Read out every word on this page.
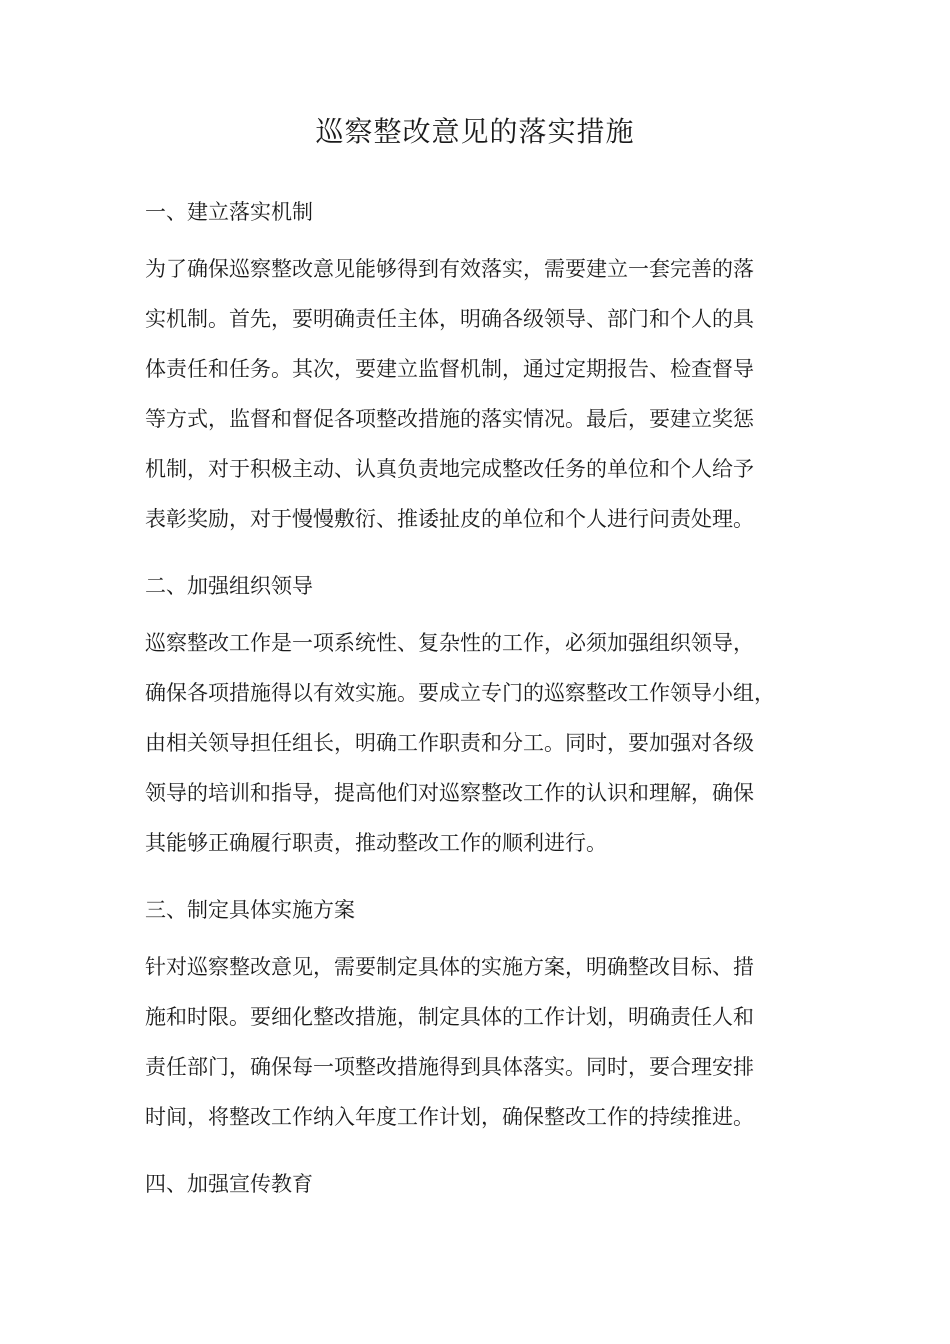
巡察整改意见的落实措施
一、建立落实机制
为了确保巡察整改意见能够得到有效落实，需要建立一套完善的落
实机制。首先，要明确责任主体，明确各级领导、部门和个人的具
体责任和任务。其次，要建立监督机制，通过定期报告、检查督导
等方式，监督和督促各项整改措施的落实情况。最后，要建立奖惩
机制，对于积极主动、认真负责地完成整改任务的单位和个人给予
表彰奖励，对于慢慢敷衍、推诿扯皮的单位和个人进行问责处理。
二、加强组织领导
巡察整改工作是一项系统性、复杂性的工作，必须加强组织领导，
确保各项措施得以有效实施。要成立专门的巡察整改工作领导小组，
由相关领导担任组长，明确工作职责和分工。同时，要加强对各级
领导的培训和指导，提高他们对巡察整改工作的认识和理解，确保
其能够正确履行职责，推动整改工作的顺利进行。
三、制定具体实施方案
针对巡察整改意见，需要制定具体的实施方案，明确整改目标、措
施和时限。要细化整改措施，制定具体的工作计划，明确责任人和
责任部门，确保每一项整改措施得到具体落实。同时，要合理安排
时间，将整改工作纳入年度工作计划，确保整改工作的持续推进。
四、加强宣传教育
